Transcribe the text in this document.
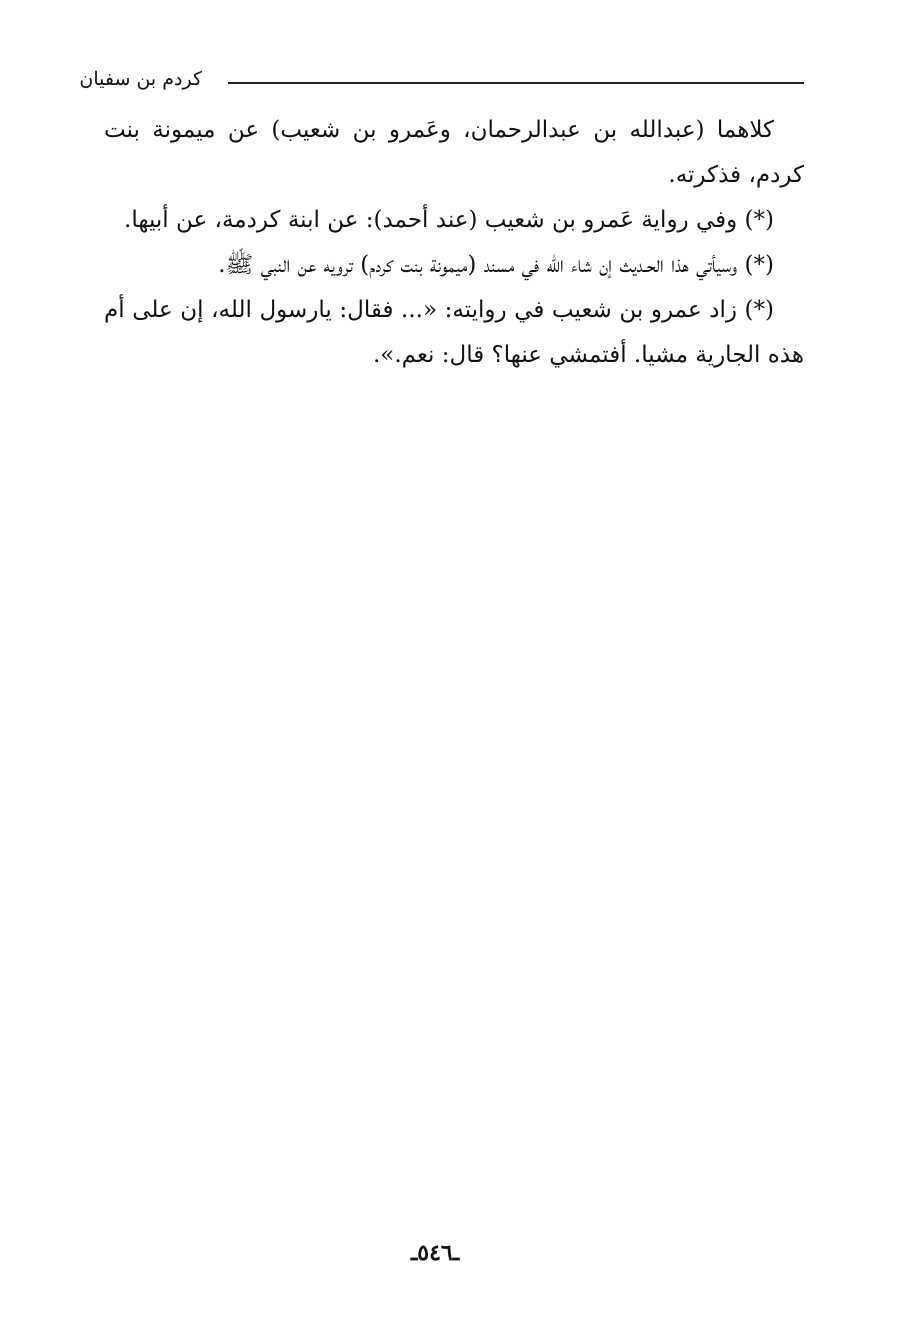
كردم بن سفيان

كلاهما (عبدالله بن عبدالرحمان، وعَمرو بن شعيب) عن ميمونة بنت كردم، فذكرته.

(*) وفي رواية عَمرو بن شعيب (عند أحمد): عن ابنة كردمة، عن أبيها.

(*) وسيأتي هذا الحـديث إن شاء الله في مسند (ميمونة بنت كردم) ترويه عن النبي ﷺ.

(*) زاد عمرو بن شعيب في روايته: «... فقال: يارسول الله، إن على أم هذه الجارية مشيا. أفتمشي عنها؟ قال: نعم.».

ـ٥٤٦ـ
